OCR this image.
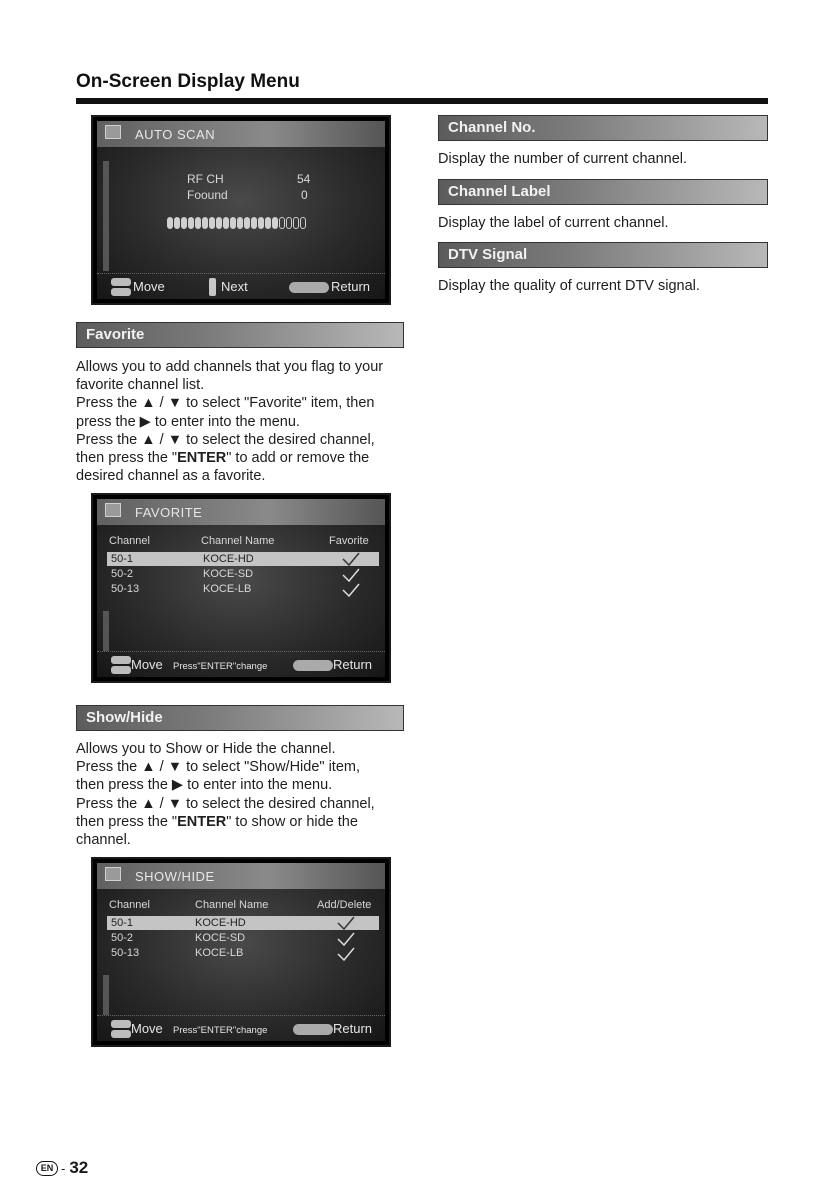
On-Screen Display Menu
AUTO SCAN
RF CH	54
Foound	0
Move	Next	Return
Favorite
Allows you to add channels that you flag to your
favorite channel list.
Press the ▲ / ▼ to select "Favorite" item, then
press the ▶ to enter into the menu.
Press the ▲ / ▼ to select the desired channel,
then press the "ENTER" to add or remove the
desired channel as a favorite.
FAVORITE
Channel	Channel Name	Favorite
50-1	KOCE-HD
50-2	KOCE-SD
50-13	KOCE-LB
Move Press"ENTER"change	Return
Show/Hide
Allows you to Show or Hide the channel.
Press the ▲ / ▼ to select "Show/Hide" item,
then press the ▶ to enter into the menu.
Press the ▲ / ▼ to select the desired channel,
then press the "ENTER" to show or hide the
channel.
SHOW/HIDE
Channel	Channel Name	Add/Delete
50-1	KOCE-HD
50-2	KOCE-SD
50-13	KOCE-LB
Move Press"ENTER"change	Return
Channel No.
Display the number of current channel.
Channel Label
Display the label of current channel.
DTV Signal
Display the quality of current DTV signal.
EN - 32
